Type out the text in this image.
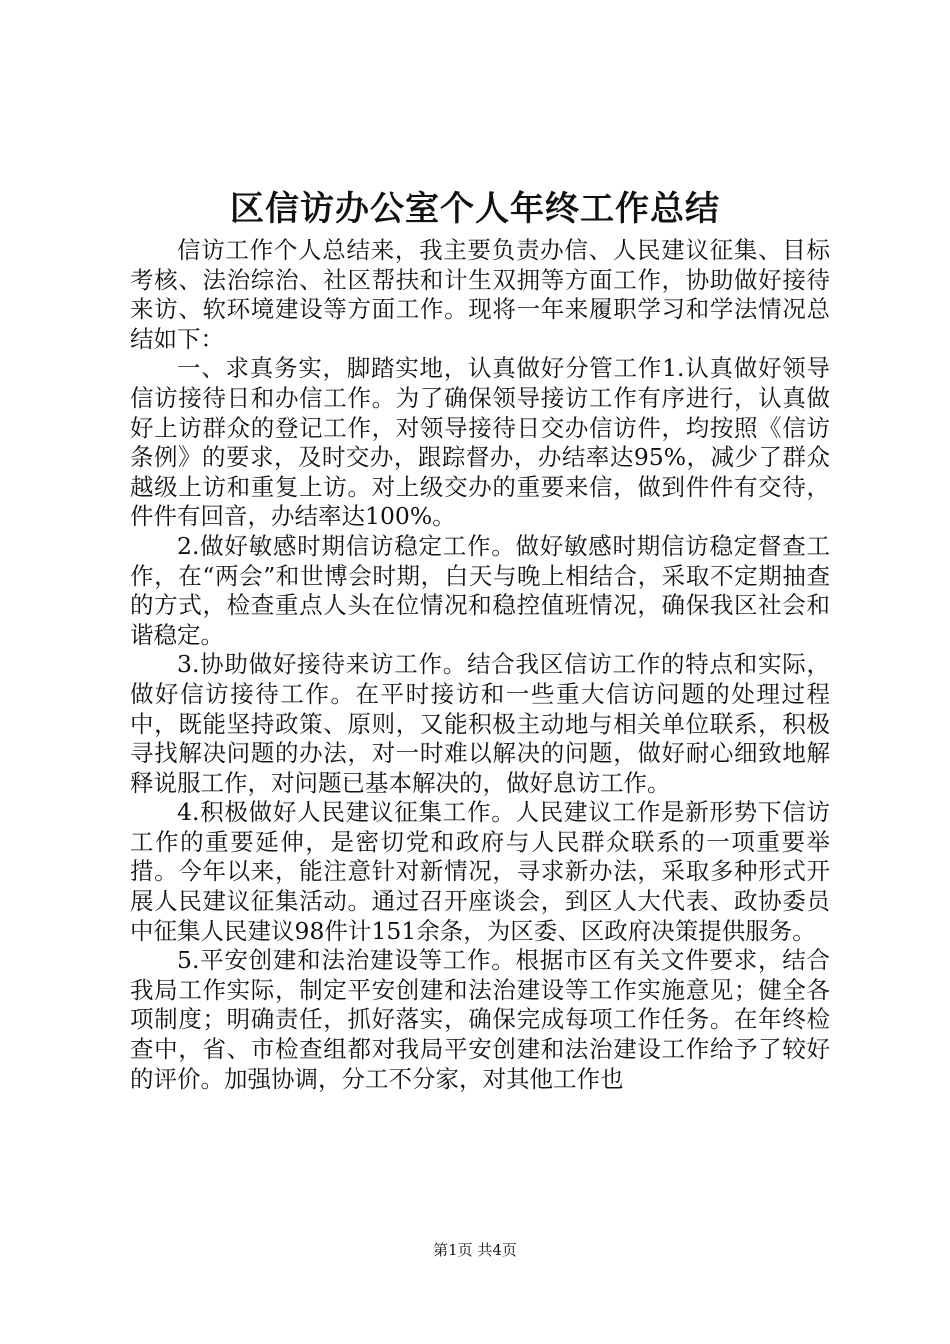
区信访办公室个人年终工作总结

信访工作个人总结来，我主要负责办信、人民建议征集、目标考核、法治综治、社区帮扶和计生双拥等方面工作，协助做好接待来访、软环境建设等方面工作。现将一年来履职学习和学法情况总结如下：

一、求真务实，脚踏实地，认真做好分管工作1.认真做好领导信访接待日和办信工作。为了确保领导接访工作有序进行，认真做好上访群众的登记工作，对领导接待日交办信访件，均按照《信访条例》的要求，及时交办，跟踪督办，办结率达95%，减少了群众越级上访和重复上访。对上级交办的重要来信，做到件件有交待，件件有回音，办结率达100%。

2.做好敏感时期信访稳定工作。做好敏感时期信访稳定督查工作，在“两会”和世博会时期，白天与晚上相结合，采取不定期抽查的方式，检查重点人头在位情况和稳控值班情况，确保我区社会和谐稳定。

3.协助做好接待来访工作。结合我区信访工作的特点和实际，做好信访接待工作。在平时接访和一些重大信访问题的处理过程中，既能坚持政策、原则，又能积极主动地与相关单位联系，积极寻找解决问题的办法，对一时难以解决的问题，做好耐心细致地解释说服工作，对问题已基本解决的，做好息访工作。

4.积极做好人民建议征集工作。人民建议工作是新形势下信访工作的重要延伸，是密切党和政府与人民群众联系的一项重要举措。今年以来，能注意针对新情况，寻求新办法，采取多种形式开展人民建议征集活动。通过召开座谈会，到区人大代表、政协委员中征集人民建议98件计151余条，为区委、区政府决策提供服务。

5.平安创建和法治建设等工作。根据市区有关文件要求，结合我局工作实际，制定平安创建和法治建设等工作实施意见；健全各项制度；明确责任，抓好落实，确保完成每项工作任务。在年终检查中，省、市检查组都对我局平安创建和法治建设工作给予了较好的评价。加强协调，分工不分家，对其他工作也

第1页 共4页
